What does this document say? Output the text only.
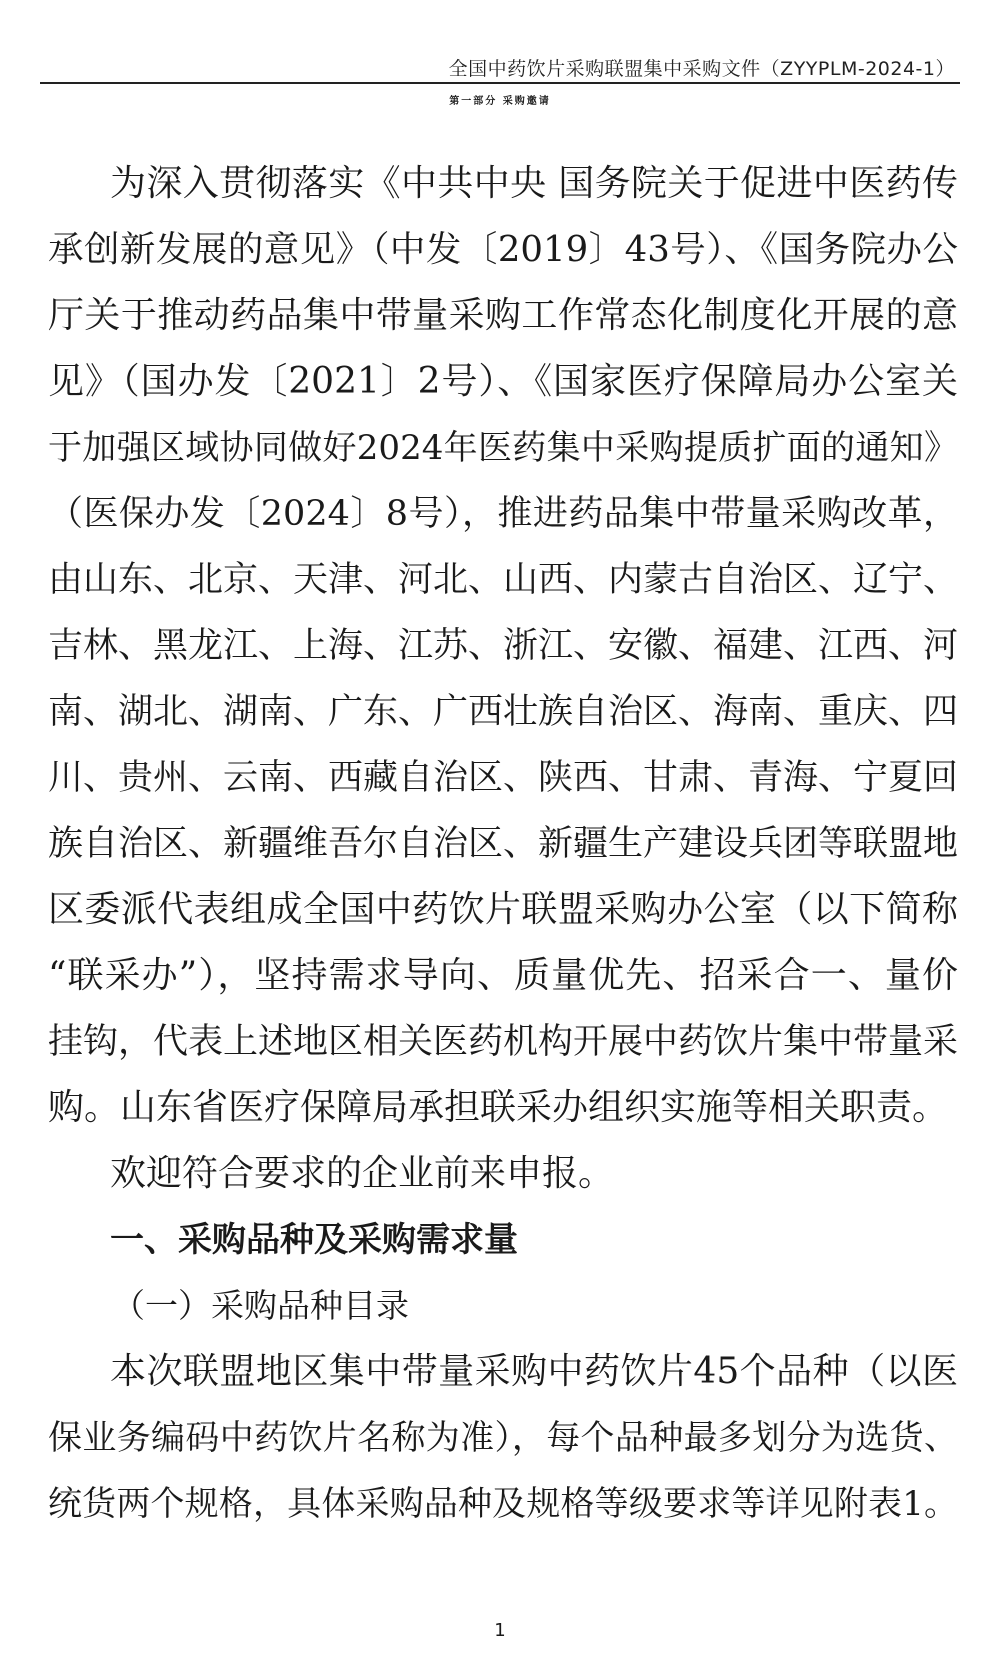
全国中药饮片采购联盟集中采购文件（ZYYPLM-2024-1）
第一部分 采购邀请
为深入贯彻落实《中共中央 国务院关于促进中医药传
承创新发展的意见》（中发〔2019〕43号）、《国务院办公
厅关于推动药品集中带量采购工作常态化制度化开展的意
见》（国办发〔2021〕2号）、《国家医疗保障局办公室关
于加强区域协同做好2024年医药集中采购提质扩面的通知》
（医保办发〔2024〕8号），推进药品集中带量采购改革，
由山东、北京、天津、河北、山西、内蒙古自治区、辽宁、
吉林、黑龙江、上海、江苏、浙江、安徽、福建、江西、河
南、湖北、湖南、广东、广西壮族自治区、海南、重庆、四
川、贵州、云南、西藏自治区、陕西、甘肃、青海、宁夏回
族自治区、新疆维吾尔自治区、新疆生产建设兵团等联盟地
区委派代表组成全国中药饮片联盟采购办公室（以下简称
“联采办”），坚持需求导向、质量优先、招采合一、量价
挂钩，代表上述地区相关医药机构开展中药饮片集中带量采
购。山东省医疗保障局承担联采办组织实施等相关职责。
欢迎符合要求的企业前来申报。
一、采购品种及采购需求量
（一）采购品种目录
本次联盟地区集中带量采购中药饮片45个品种（以医
保业务编码中药饮片名称为准），每个品种最多划分为选货、
统货两个规格，具体采购品种及规格等级要求等详见附表1。
1
